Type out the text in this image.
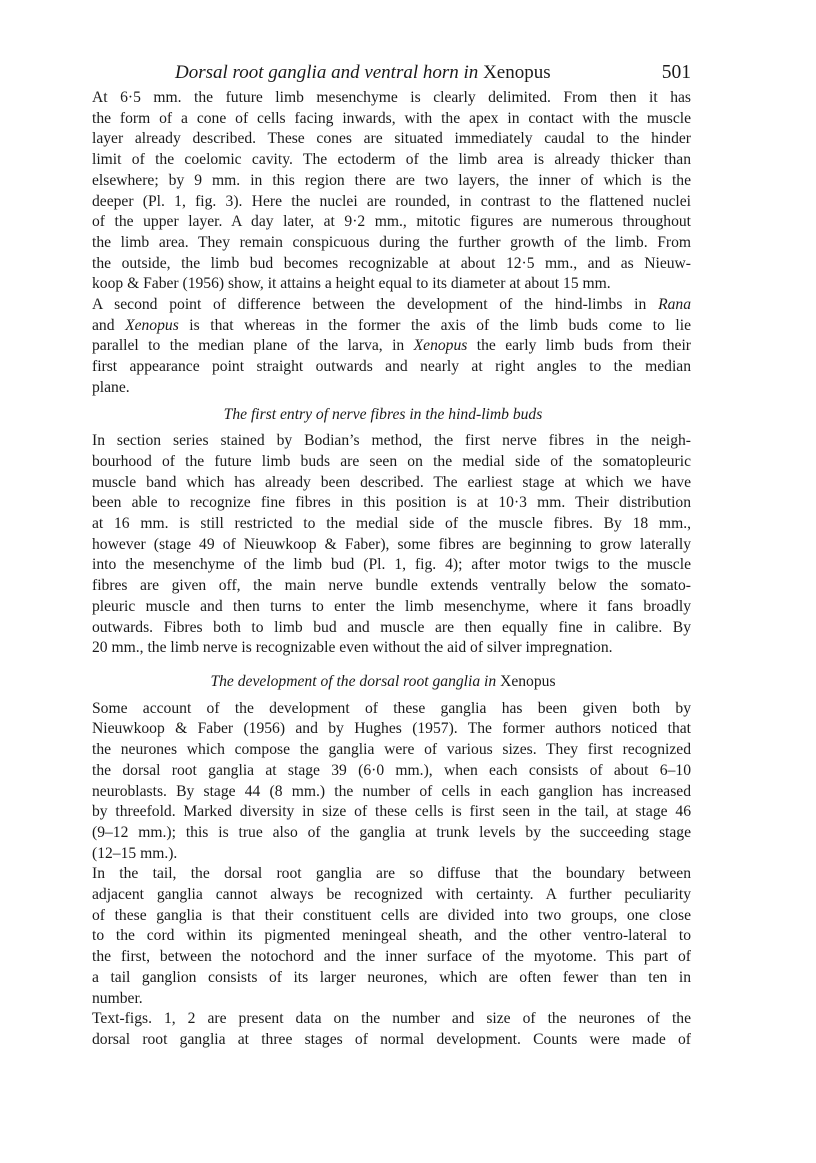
Dorsal root ganglia and ventral horn in Xenopus	501
At 6·5 mm. the future limb mesenchyme is clearly delimited. From then it has
the form of a cone of cells facing inwards, with the apex in contact with the muscle
layer already described. These cones are situated immediately caudal to the hinder
limit of the coelomic cavity. The ectoderm of the limb area is already thicker than
elsewhere; by 9 mm. in this region there are two layers, the inner of which is the
deeper (Pl. 1, fig. 3). Here the nuclei are rounded, in contrast to the flattened nuclei
of the upper layer. A day later, at 9·2 mm., mitotic figures are numerous throughout
the limb area. They remain conspicuous during the further growth of the limb. From
the outside, the limb bud becomes recognizable at about 12·5 mm., and as Nieuw-
koop & Faber (1956) show, it attains a height equal to its diameter at about 15 mm.
A second point of difference between the development of the hind-limbs in Rana
and Xenopus is that whereas in the former the axis of the limb buds come to lie
parallel to the median plane of the larva, in Xenopus the early limb buds from their
first appearance point straight outwards and nearly at right angles to the median
plane.
The first entry of nerve fibres in the hind-limb buds
In section series stained by Bodian’s method, the first nerve fibres in the neigh-
bourhood of the future limb buds are seen on the medial side of the somatopleuric
muscle band which has already been described. The earliest stage at which we have
been able to recognize fine fibres in this position is at 10·3 mm. Their distribution
at 16 mm. is still restricted to the medial side of the muscle fibres. By 18 mm.,
however (stage 49 of Nieuwkoop & Faber), some fibres are beginning to grow laterally
into the mesenchyme of the limb bud (Pl. 1, fig. 4); after motor twigs to the muscle
fibres are given off, the main nerve bundle extends ventrally below the somato-
pleuric muscle and then turns to enter the limb mesenchyme, where it fans broadly
outwards. Fibres both to limb bud and muscle are then equally fine in calibre. By
20 mm., the limb nerve is recognizable even without the aid of silver impregnation.
The development of the dorsal root ganglia in Xenopus
Some account of the development of these ganglia has been given both by
Nieuwkoop & Faber (1956) and by Hughes (1957). The former authors noticed that
the neurones which compose the ganglia were of various sizes. They first recognized
the dorsal root ganglia at stage 39 (6·0 mm.), when each consists of about 6–10
neuroblasts. By stage 44 (8 mm.) the number of cells in each ganglion has increased
by threefold. Marked diversity in size of these cells is first seen in the tail, at stage 46
(9–12 mm.); this is true also of the ganglia at trunk levels by the succeeding stage
(12–15 mm.).
In the tail, the dorsal root ganglia are so diffuse that the boundary between
adjacent ganglia cannot always be recognized with certainty. A further peculiarity
of these ganglia is that their constituent cells are divided into two groups, one close
to the cord within its pigmented meningeal sheath, and the other ventro-lateral to
the first, between the notochord and the inner surface of the myotome. This part of
a tail ganglion consists of its larger neurones, which are often fewer than ten in
number.
Text-figs. 1, 2 are present data on the number and size of the neurones of the
dorsal root ganglia at three stages of normal development. Counts were made of
